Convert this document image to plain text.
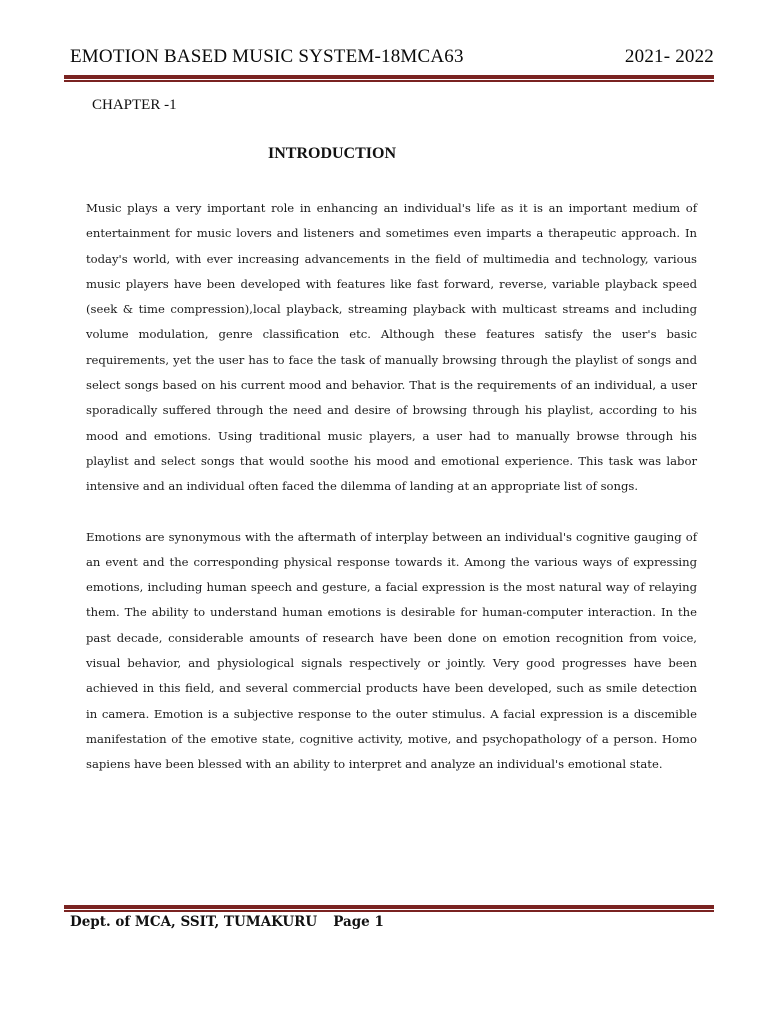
EMOTION BASED MUSIC SYSTEM-18MCA63	2021- 2022
CHAPTER -1
INTRODUCTION

Music plays a very important role in enhancing an individual's life as it is an important medium of entertainment for music lovers and listeners and sometimes even imparts a therapeutic approach. In today's world, with ever increasing advancements in the field of multimedia and technology, various music players have been developed with features like fast forward, reverse, variable playback speed (seek & time compression),local playback, streaming playback with multicast streams and including volume modulation, genre classification etc. Although these features satisfy the user's basic requirements, yet the user has to face the task of manually browsing through the playlist of songs and select songs based on his current mood and behavior. That is the requirements of an individual, a user sporadically suffered through the need and desire of browsing through his playlist, according to his mood and emotions. Using traditional music players, a user had to manually browse through his playlist and select songs that would soothe his mood and emotional experience. This task was labor intensive and an individual often faced the dilemma of landing at an appropriate list of songs.

Emotions are synonymous with the aftermath of interplay between an individual's cognitive gauging of an event and the corresponding physical response towards it. Among the various ways of expressing emotions, including human speech and gesture, a facial expression is the most natural way of relaying them. The ability to understand human emotions is desirable for human-computer interaction. In the past decade, considerable amounts of research have been done on emotion recognition from voice, visual behavior, and physiological signals respectively or jointly. Very good progresses have been achieved in this field, and several commercial products have been developed, such as smile detection in camera. Emotion is a subjective response to the outer stimulus. A facial expression is a discemible manifestation of the emotive state, cognitive activity, motive, and psychopathology of a person. Homo sapiens have been blessed with an ability to interpret and analyze an individual's emotional state.

Dept. of MCA, SSIT, TUMAKURU Page 1
